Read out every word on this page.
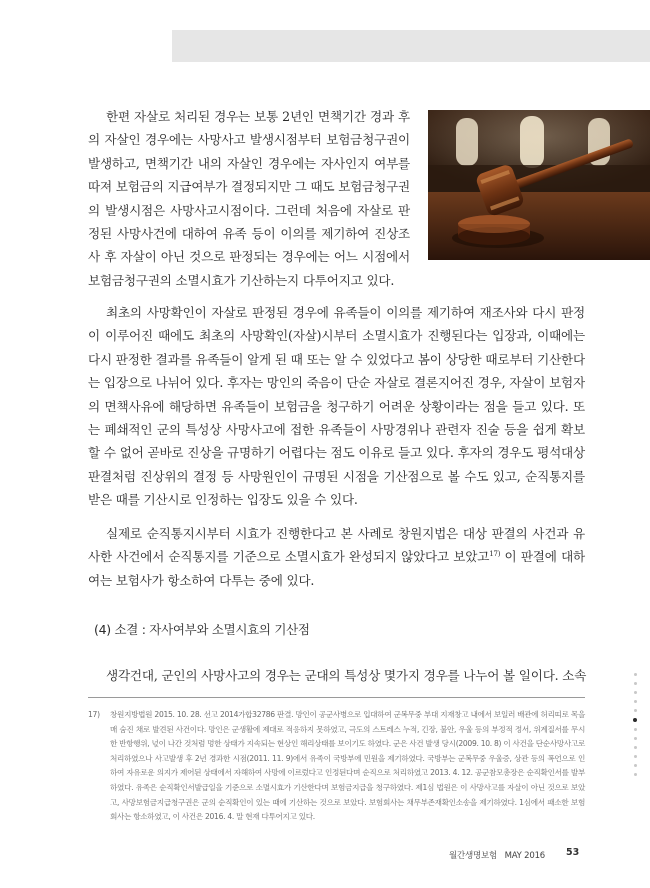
한편 자살로 처리된 경우는 보통 2년인 면책기간 경과 후의 자살인 경우에는 사망사고 발생시점부터 보험금청구권이 발생하고, 면책기간 내의 자살인 경우에는 자사인지 여부를 따져 보험금의 지급여부가 결정되지만 그 때도 보험금청구권의 발생시점은 사망사고시점이다. 그런데 처음에 자살로 판정된 사망사건에 대하여 유족 등이 이의를 제기하여 진상조사 후 자살이 아닌 것으로 판정되는 경우에는 어느 시점에서 보험금청구권의 소멸시효가 기산하는지 다투어지고 있다.

최초의 사망확인이 자살로 판정된 경우에 유족들이 이의를 제기하여 재조사와 다시 판정이 이루어진 때에도 최초의 사망확인(자살)시부터 소멸시효가 진행된다는 입장과, 이때에는 다시 판정한 결과를 유족들이 알게 된 때 또는 알 수 있었다고 봄이 상당한 때로부터 기산한다는 입장으로 나뉘어 있다. 후자는 망인의 죽음이 단순 자살로 결론지어진 경우, 자살이 보험자의 면책사유에 해당하면 유족들이 보험금을 청구하기 어려운 상황이라는 점을 들고 있다. 또는 폐쇄적인 군의 특성상 사망사고에 접한 유족들이 사망경위나 관련자 진술 등을 쉽게 확보할 수 없어 곧바로 진상을 규명하기 어렵다는 점도 이유로 들고 있다. 후자의 경우도 평석대상 판결처럼 진상위의 결정 등 사망원인이 규명된 시점을 기산점으로 볼 수도 있고, 순직통지를 받은 때를 기산시로 인정하는 입장도 있을 수 있다.

실제로 순직통지시부터 시효가 진행한다고 본 사례로 창원지법은 대상 판결의 사건과 유사한 사건에서 순직통지를 기준으로 소멸시효가 완성되지 않았다고 보았고$^{17)}$ 이 판결에 대하여는 보험사가 항소하여 다투는 중에 있다.

(4) 소결 : 자사여부와 소멸시효의 기산점

생각건대, 군인의 사망사고의 경우는 군대의 특성상 몇가지 경우를 나누어 볼 일이다. 소속

17) 창원지방법원 2015. 10. 28. 선고 2014가합32786 판결. 망인이 공군사병으로 입대하여 군복무중 부대 지재창고 내에서 보일러 배관에 허리띠로 목을 매 숨진 채로 발견된 사건이다. 망인은 군생활에 제대로 적응하지 못하였고, 극도의 스트레스 누적, 긴장, 불안, 우울 등의 부정적 정서, 위계질서를 무시한 반항행위, 넋이 나간 것처럼 멍한 상태가 지속되는 현상인 해리상태를 보이기도 하였다. 군은 사건 발생 당시(2009. 10. 8) 이 사건을 단순사망사고로 처리하였으나 사고발생 후 2년 경과한 시점(2011. 11. 9)에서 유족이 국방부에 민원을 제기하였다. 국방부는 군복무중 우울증, 상관 등의 폭언으로 인하여 자유로운 의지가 제어된 상태에서 자해하여 사망에 이르렀다고 인정된다며 순직으로 처리하였고 2013. 4. 12. 공군참모총장은 순직확인서를 발부하였다. 유족은 순직확인서발급일을 기준으로 소멸시효가 기산한다며 보험금지급을 청구하였다. 제1심 법원은 이 사망사고를 자살이 아닌 것으로 보았고, 사망보험금지급청구권은 군의 순직확인이 있는 때에 기산하는 것으로 보았다. 보험회사는 채무부존재확인소송을 제기하였다. 1심에서 패소한 보험회사는 항소하였고, 이 사건은 2016. 4. 말 현재 다투어지고 있다.
월간생명보험 MAY 2016	53
